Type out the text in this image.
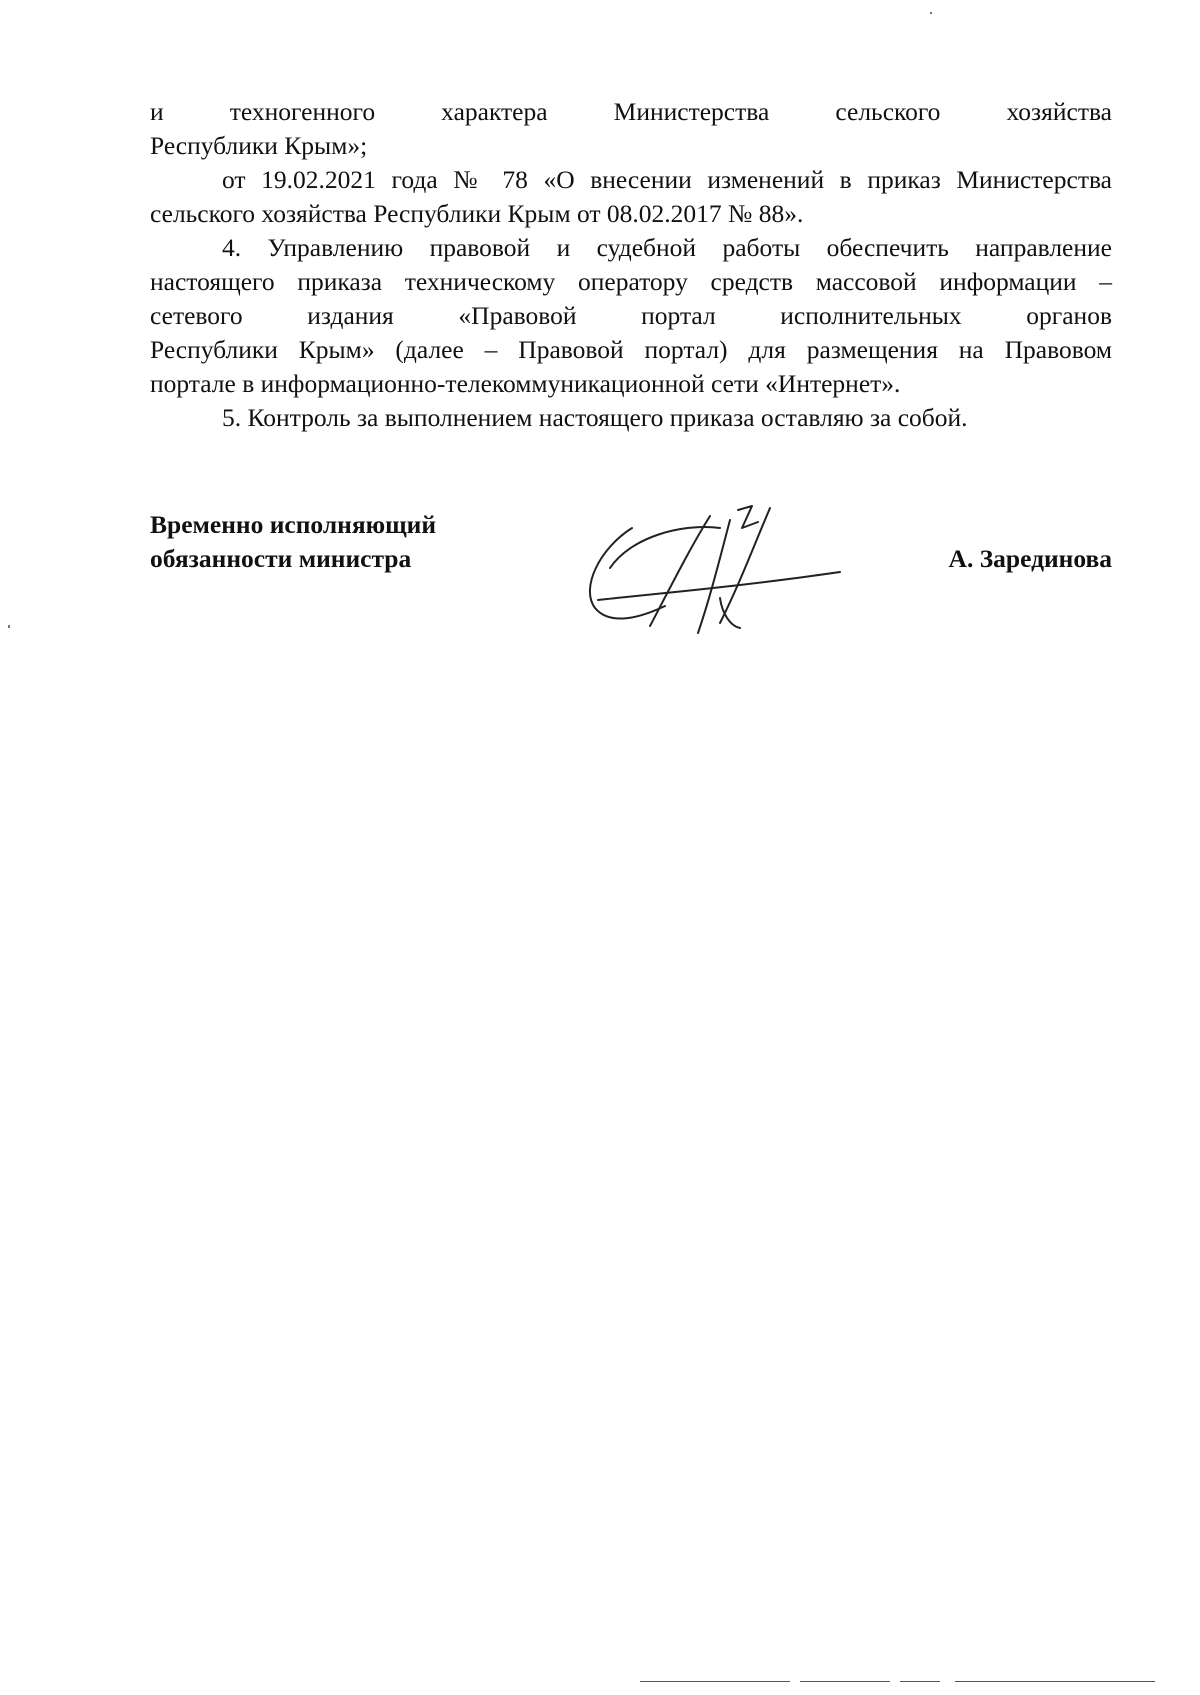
и техногенного характера Министерства сельского хозяйства

Республики Крым»;

от 19.02.2021 года № 78 «О внесении изменений в приказ Министерства

сельского хозяйства Республики Крым от 08.02.2017 № 88».

4. Управлению правовой и судебной работы обеспечить направление

настоящего приказа техническому оператору средств массовой информации –

сетевого издания «Правовой портал исполнительных органов

Республики Крым» (далее – Правовой портал) для размещения на Правовом

портале в информационно-телекоммуникационной сети «Интернет».

5. Контроль за выполнением настоящего приказа оставляю за собой.

Временно исполняющий
обязанности министра	А. Зарединова
